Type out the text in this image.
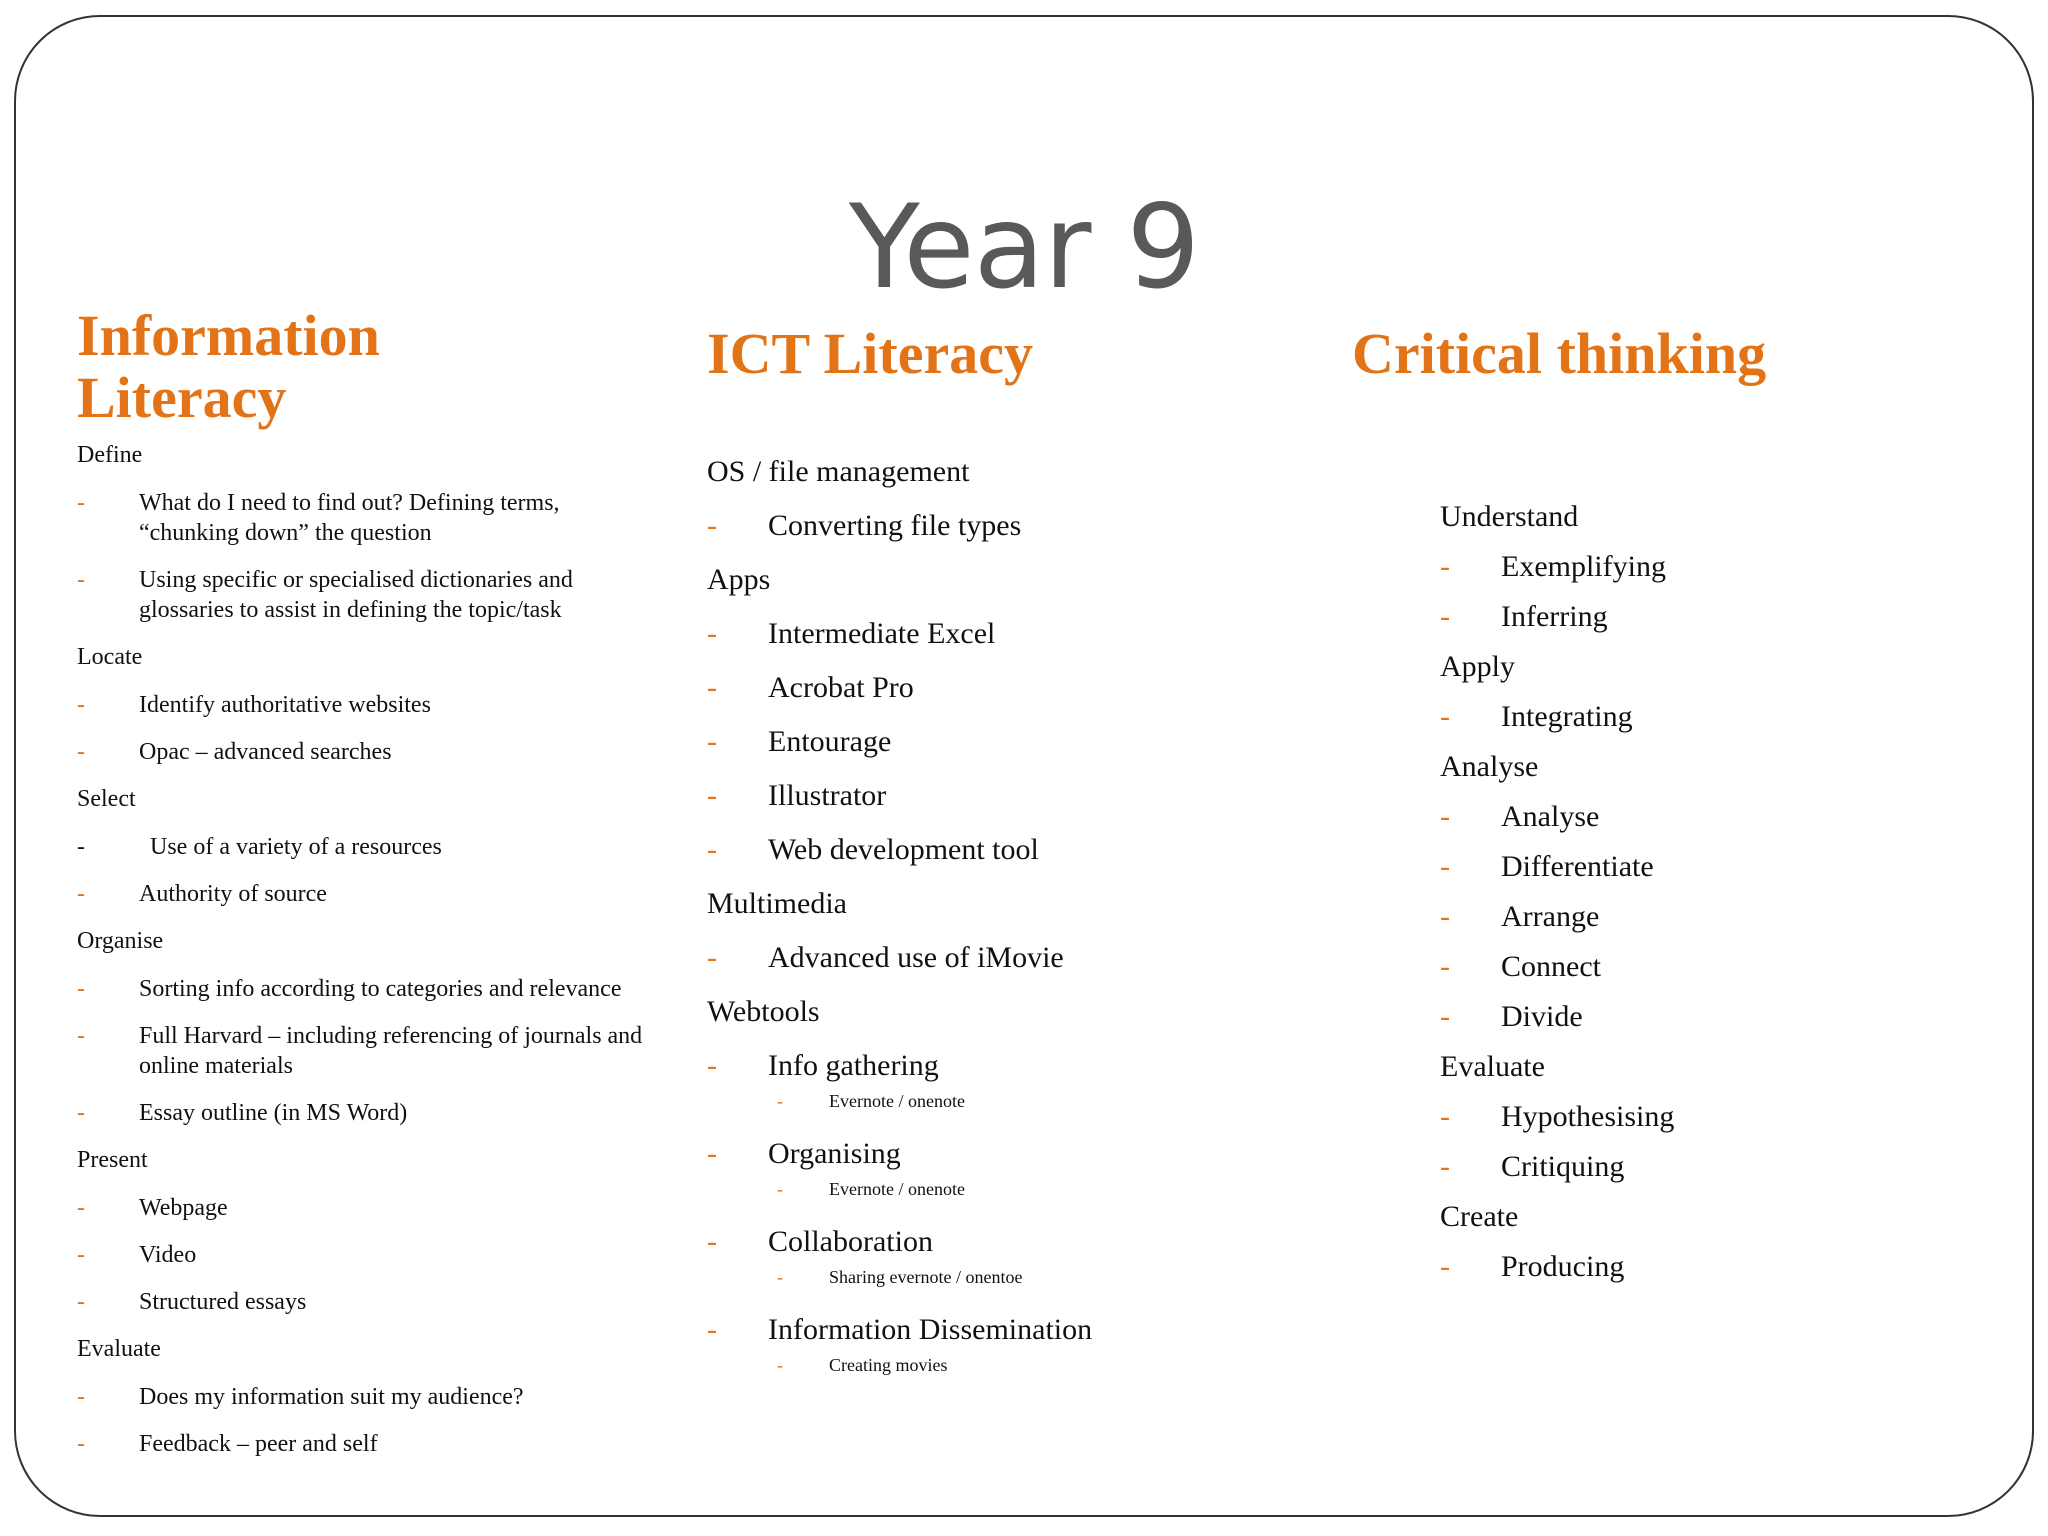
Year 9
Information
Literacy
ICT Literacy	Critical thinking
Define
- What do I need to find out? Defining terms, “chunking down” the question
- Using specific or specialised dictionaries and glossaries to assist in defining the topic/task
Locate
- Identify authoritative websites
- Opac – advanced searches
Select
-	Use of a variety of a resources
- Authority of source
Organise
- Sorting info according to categories and relevance
- Full Harvard – including referencing of journals and online materials
- Essay outline (in MS Word)
Present
- Webpage
- Video
- Structured essays
Evaluate
- Does my information suit my audience?
- Feedback – peer and self
OS / file management
- Converting file types
Apps
- Intermediate Excel
- Acrobat Pro
- Entourage
- Illustrator
- Web development tool
Multimedia
- Advanced use of iMovie
Webtools
- Info gathering
-	Evernote / onenote
- Organising
-	Evernote / onenote
- Collaboration
-	Sharing evernote / onentoe
- Information Dissemination
-	Creating movies
Understand
- Exemplifying
- Inferring
Apply
- Integrating
Analyse
- Analyse
- Differentiate
- Arrange
- Connect
- Divide
Evaluate
- Hypothesising
- Critiquing
Create
- Producing
